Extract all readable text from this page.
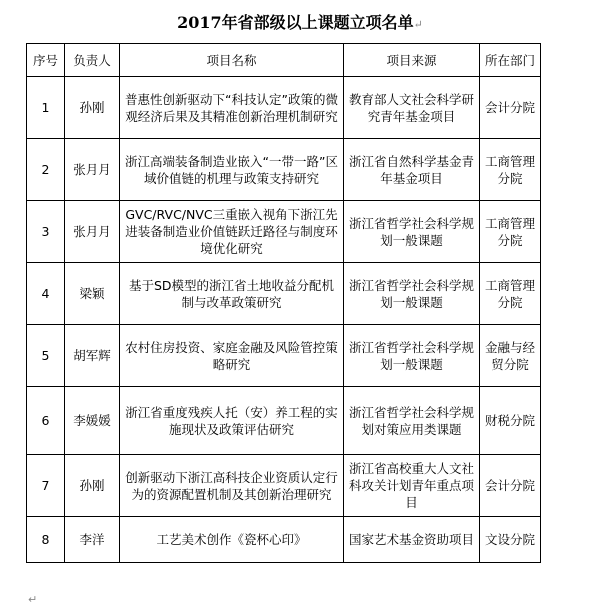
2017年省部级以上课题立项名单↵
序号	负责人	项目名称	项目来源	所在部门
1	孙刚	普惠性创新驱动下“科技认定”政策的微观经济后果及其精准创新治理机制研究	教育部人文社会科学研究青年基金项目	会计分院
2	张月月	浙江高端装备制造业嵌入“一带一路”区域价值链的机理与政策支持研究	浙江省自然科学基金青年基金项目	工商管理分院
3	张月月	GVC/RVC/NVC三重嵌入视角下浙江先进装备制造业价值链跃迁路径与制度环境优化研究	浙江省哲学社会科学规划一般课题	工商管理分院
4	梁颖	基于SD模型的浙江省土地收益分配机制与改革政策研究	浙江省哲学社会科学规划一般课题	工商管理分院
5	胡军辉	农村住房投资、家庭金融及风险管控策略研究	浙江省哲学社会科学规划一般课题	金融与经贸分院
6	李媛媛	浙江省重度残疾人托（安）养工程的实施现状及政策评估研究	浙江省哲学社会科学规划对策应用类课题	财税分院
7	孙刚	创新驱动下浙江高科技企业资质认定行为的资源配置机制及其创新治理研究	浙江省高校重大人文社科攻关计划青年重点项目	会计分院
8	李洋	工艺美术创作《瓷杯心印》	国家艺术基金资助项目	文设分院
↵
